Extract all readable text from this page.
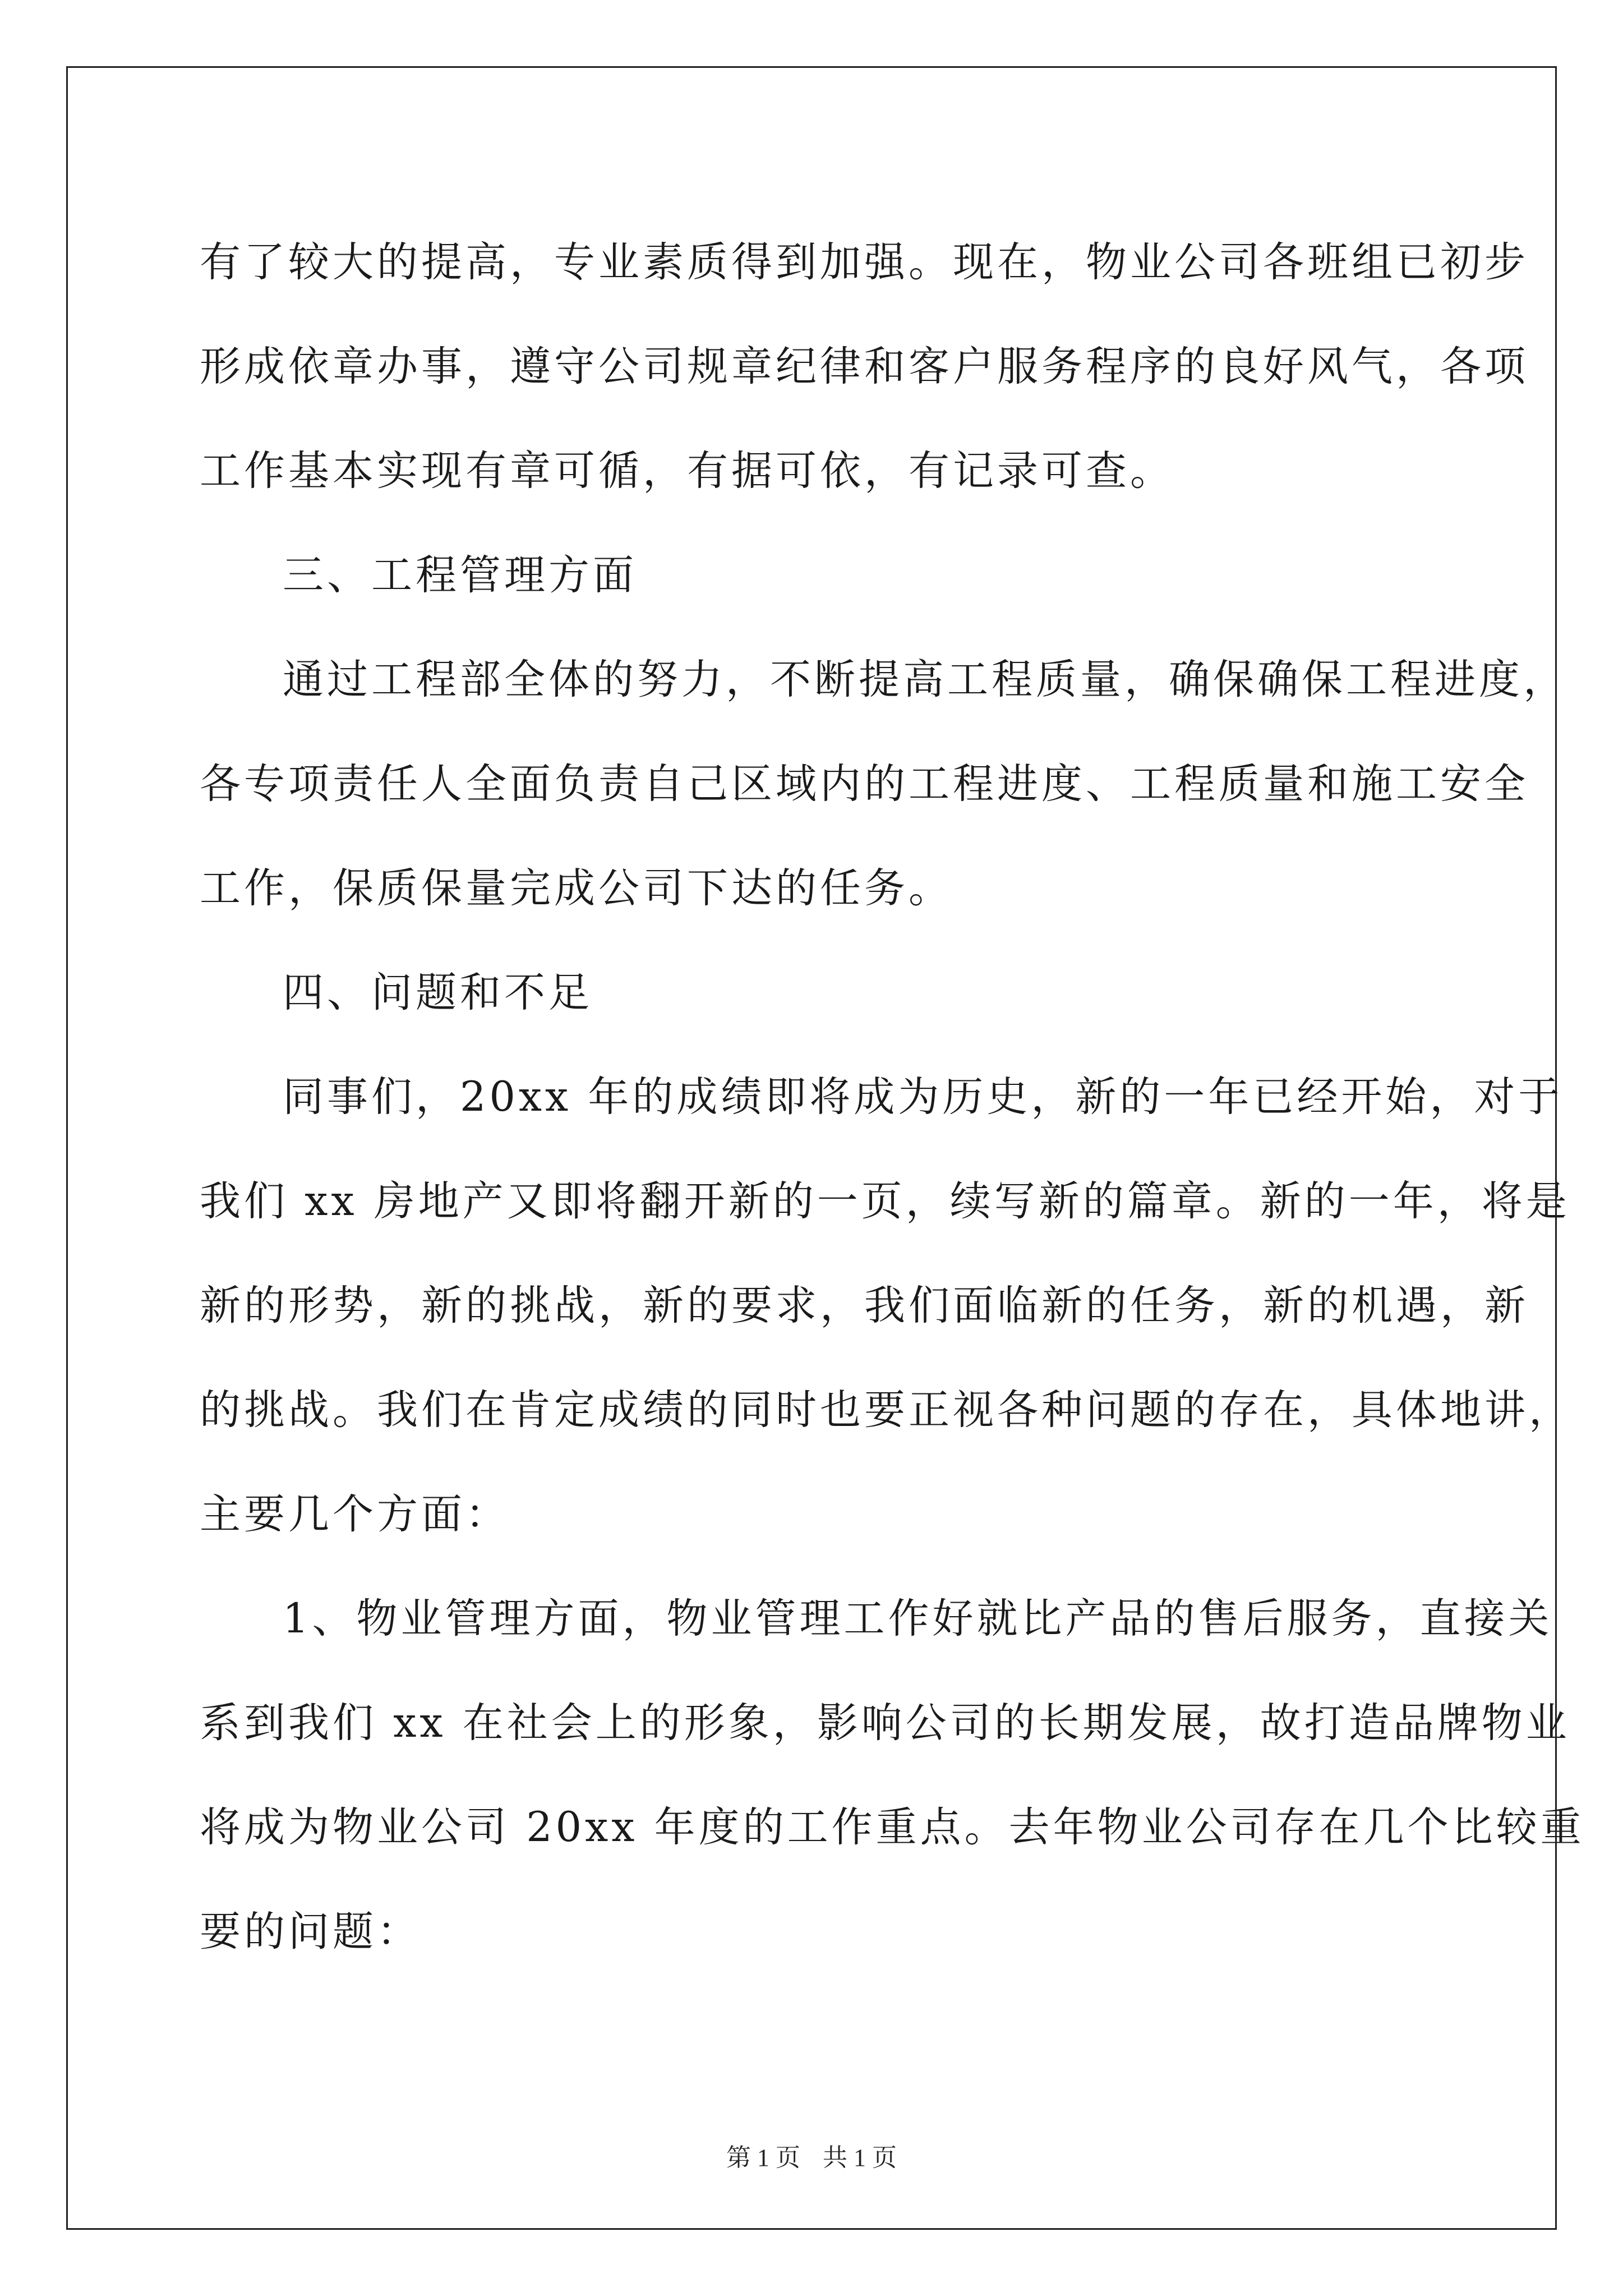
有了较大的提高，专业素质得到加强。现在，物业公司各班组已初步
形成依章办事，遵守公司规章纪律和客户服务程序的良好风气，各项
工作基本实现有章可循，有据可依，有记录可查。
三、工程管理方面
通过工程部全体的努力，不断提高工程质量，确保确保工程进度，
各专项责任人全面负责自己区域内的工程进度、工程质量和施工安全
工作，保质保量完成公司下达的任务。
四、问题和不足
同事们，20xx 年的成绩即将成为历史，新的一年已经开始，对于
我们 xx 房地产又即将翻开新的一页，续写新的篇章。新的一年，将是
新的形势，新的挑战，新的要求，我们面临新的任务，新的机遇，新
的挑战。我们在肯定成绩的同时也要正视各种问题的存在，具体地讲，
主要几个方面：
1、物业管理方面，物业管理工作好就比产品的售后服务，直接关
系到我们 xx 在社会上的形象，影响公司的长期发展，故打造品牌物业
将成为物业公司 20xx 年度的工作重点。去年物业公司存在几个比较重
要的问题：
第 1 页 共 1 页
